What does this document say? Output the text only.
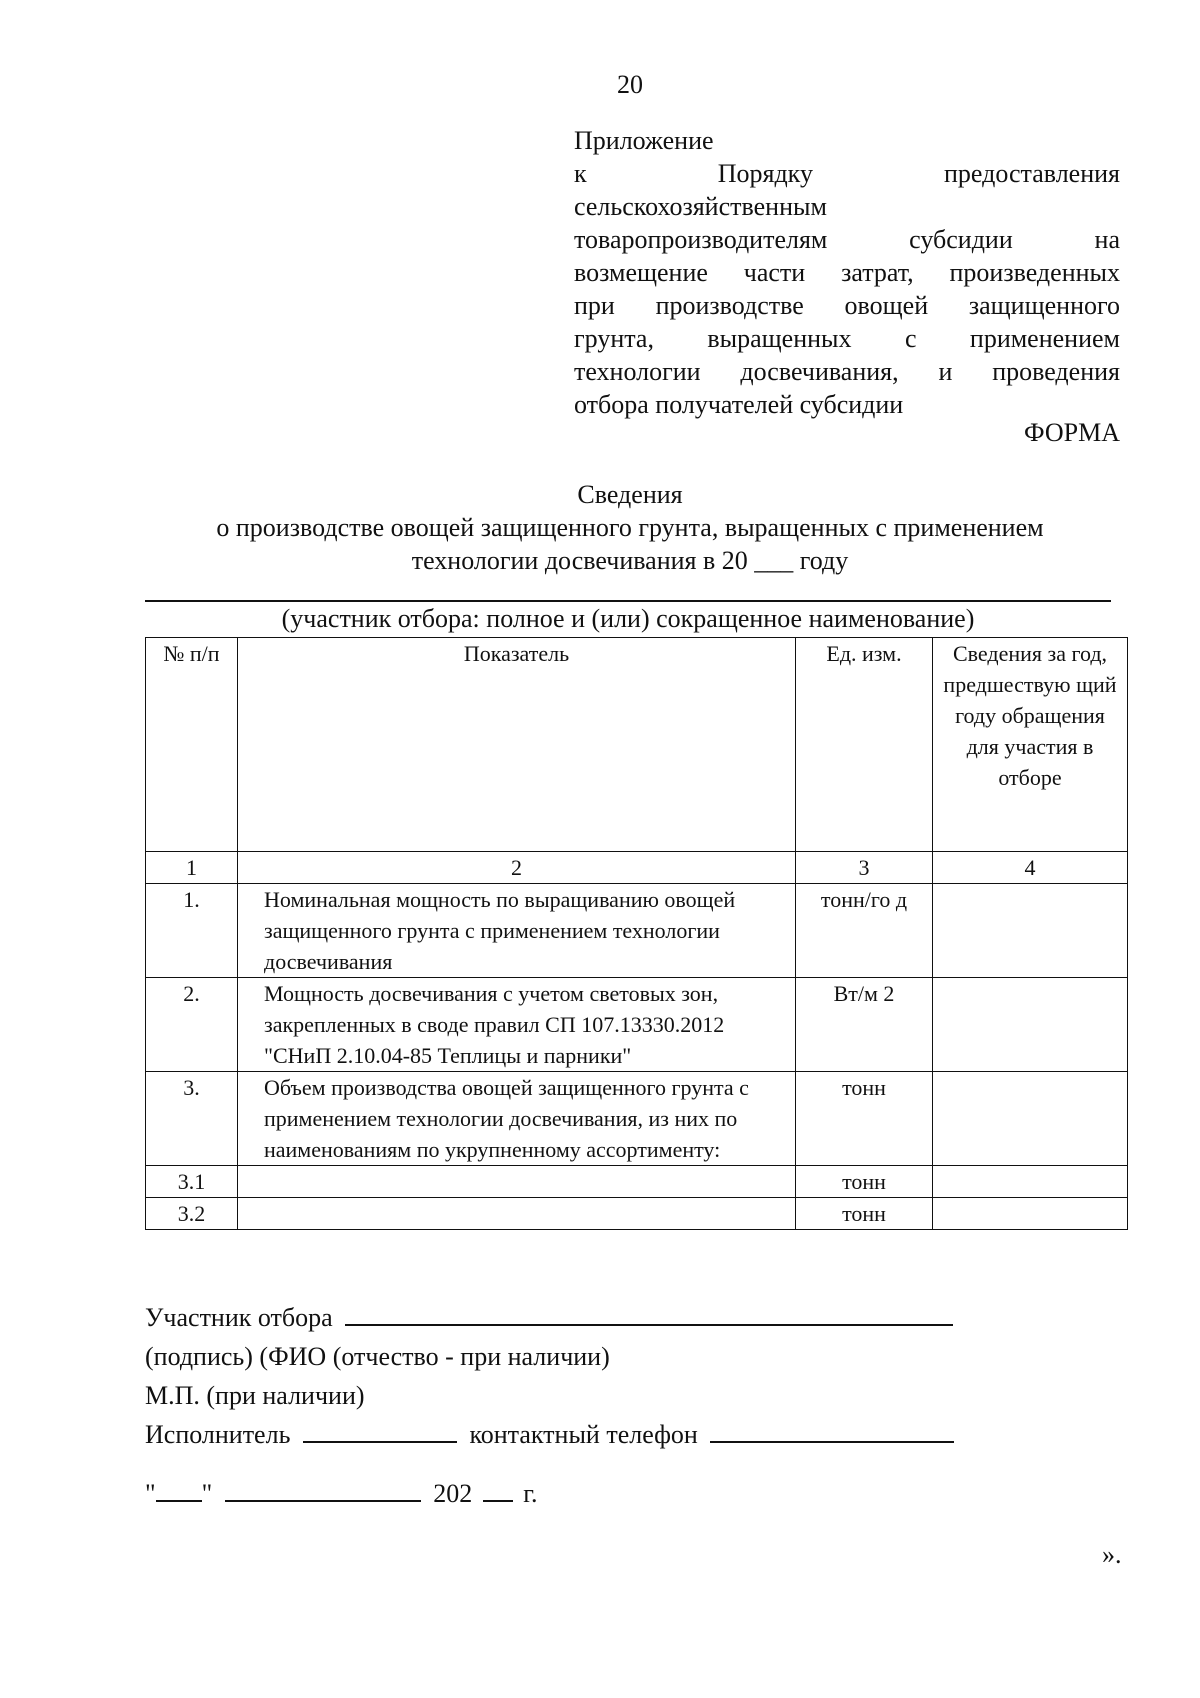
20
Приложение
к Порядку предоставления
сельскохозяйственным
товаропроизводителям субсидии на
возмещение части затрат, произведенных
при производстве овощей защищенного
грунта, выращенных с применением
технологии досвечивания, и проведения
отбора получателей субсидии
ФОРМА
Сведения
о производстве овощей защищенного грунта, выращенных с применением
технологии досвечивания в 20 ___ году
(участник отбора: полное и (или) сокращенное наименование)
№ п/п	Показатель	Ед. изм.	Сведения за год, предшествую щий году обращения для участия в отборе
1	2	3	4
1.	Номинальная мощность по выращиванию овощей защищенного грунта с применением технологии досвечивания	тонн/го д	
2.	Мощность досвечивания с учетом световых зон, закрепленных в своде правил СП 107.13330.2012 "СНиП 2.10.04-85 Теплицы и парники"	Вт/м 2	
3.	Объем производства овощей защищенного грунта с применением технологии досвечивания, из них по наименованиям по укрупненному ассортименту:	тонн	
3.1		тонн	
3.2		тонн	
Участник отбора
(подпись) (ФИО (отчество - при наличии)
М.П. (при наличии)
Исполнитель	контактный телефон
" "	202 г.
».
